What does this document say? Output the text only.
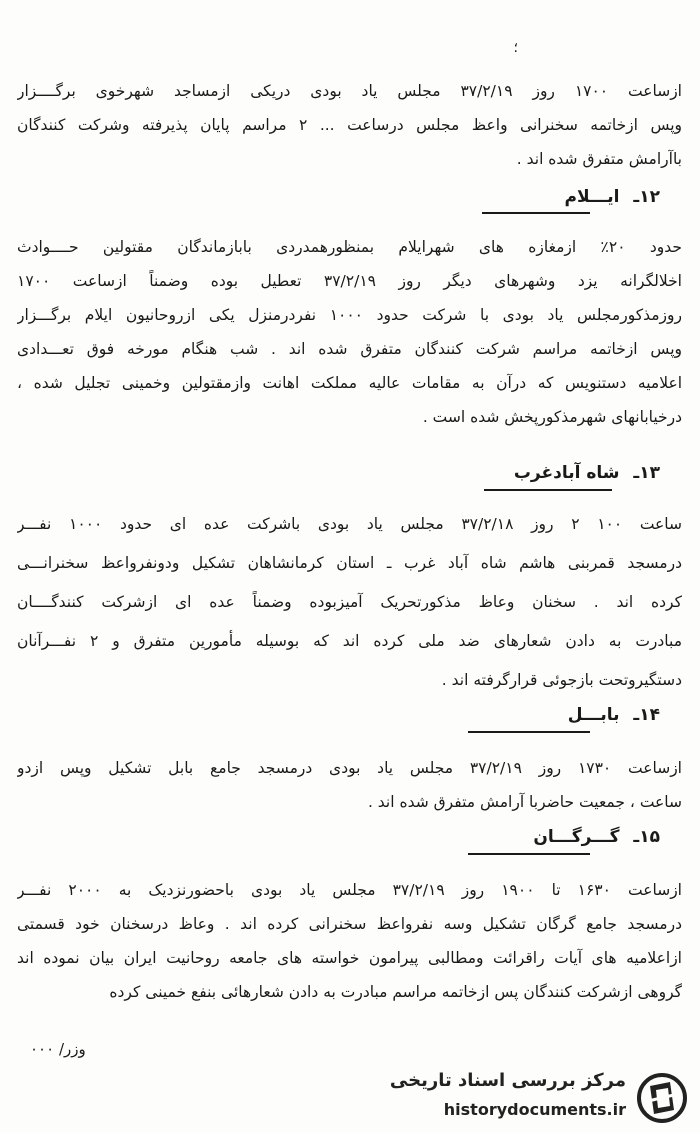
؛
ازساعت ۱۷۰۰ روز ۳۷/۲/۱۹ مجلس یاد بودی دریکی ازمساجد شهرخوی برگــــزار
وپس ازخاتمه سخنرانی واعظ مجلس درساعت ... ۲ مراسم پایان پذیرفته وشرکت کنندگان
باآرامش متفرق شده اند .
۱۲ـ ایـــلام
حدود ۲۰٪ ازمغازه های شهرایلام بمنظورهمدردی بابازماندگان مقتولین حــــوادث
اخلالگرانه یزد وشهرهای دیگر روز ۳۷/۲/۱۹ تعطیل بوده وضمناً ازساعت ۱۷۰۰
روزمذکورمجلس یاد بودی با شرکت حدود ۱۰۰۰ نفردرمنزل یکی ازروحانیون ایلام برگـــزار
وپس ازخاتمه مراسم شرکت کنندگان متفرق شده اند . شب هنگام مورخه فوق تعـــدادی
اعلامیه دستنویس که درآن به مقامات عالیه مملکت اهانت وازمقتولین وخمینی تجلیل شده ،
درخیابانهای شهرمذکورپخش شده است .
۱۳ـ شاه آبادغرب
ساعت ۱۰۰ ۲ روز ۳۷/۲/۱۸ مجلس یاد بودی باشرکت عده ای حدود ۱۰۰۰ نفـــر
درمسجد قمربنی هاشم شاه آباد غرب ـ استان کرمانشاهان تشکیل ودونفرواعظ سخنرانـــی
کرده اند . سخنان وعاظ مذکورتحریک آمیزبوده وضمناً عده ای ازشرکت کنندگــــان
مبادرت به دادن شعارهای ضد ملی کرده اند که بوسیله مأمورین متفرق و ۲ نفـــرآنان
دستگیروتحت بازجوئی قرارگرفته اند .
۱۴ـ بابـــل
ازساعت ۱۷۳۰ روز ۳۷/۲/۱۹ مجلس یاد بودی درمسجد جامع بابل تشکیل وپس ازدو
ساعت ، جمعیت حاضربا آرامش متفرق شده اند .
۱۵ـ گـــرگـــان
ازساعت ۱۶۳۰ تا ۱۹۰۰ روز ۳۷/۲/۱۹ مجلس یاد بودی باحضورنزدیک به ۲۰۰۰ نفـــر
درمسجد جامع گرگان تشکیل وسه نفرواعظ سخنرانی کرده اند . وعاظ درسخنان خود قسمتی
ازاعلامیه های آیات راقرائت ومطالبی پیرامون خواسته های جامعه روحانیت ایران بیان نموده اند
گروهی ازشرکت کنندگان پس ازخاتمه مراسم مبادرت به دادن شعارهائی بنفع خمینی کرده
وزر/ ۰۰۰
مرکز بررسی اسناد تاریخی
historydocuments.ir
